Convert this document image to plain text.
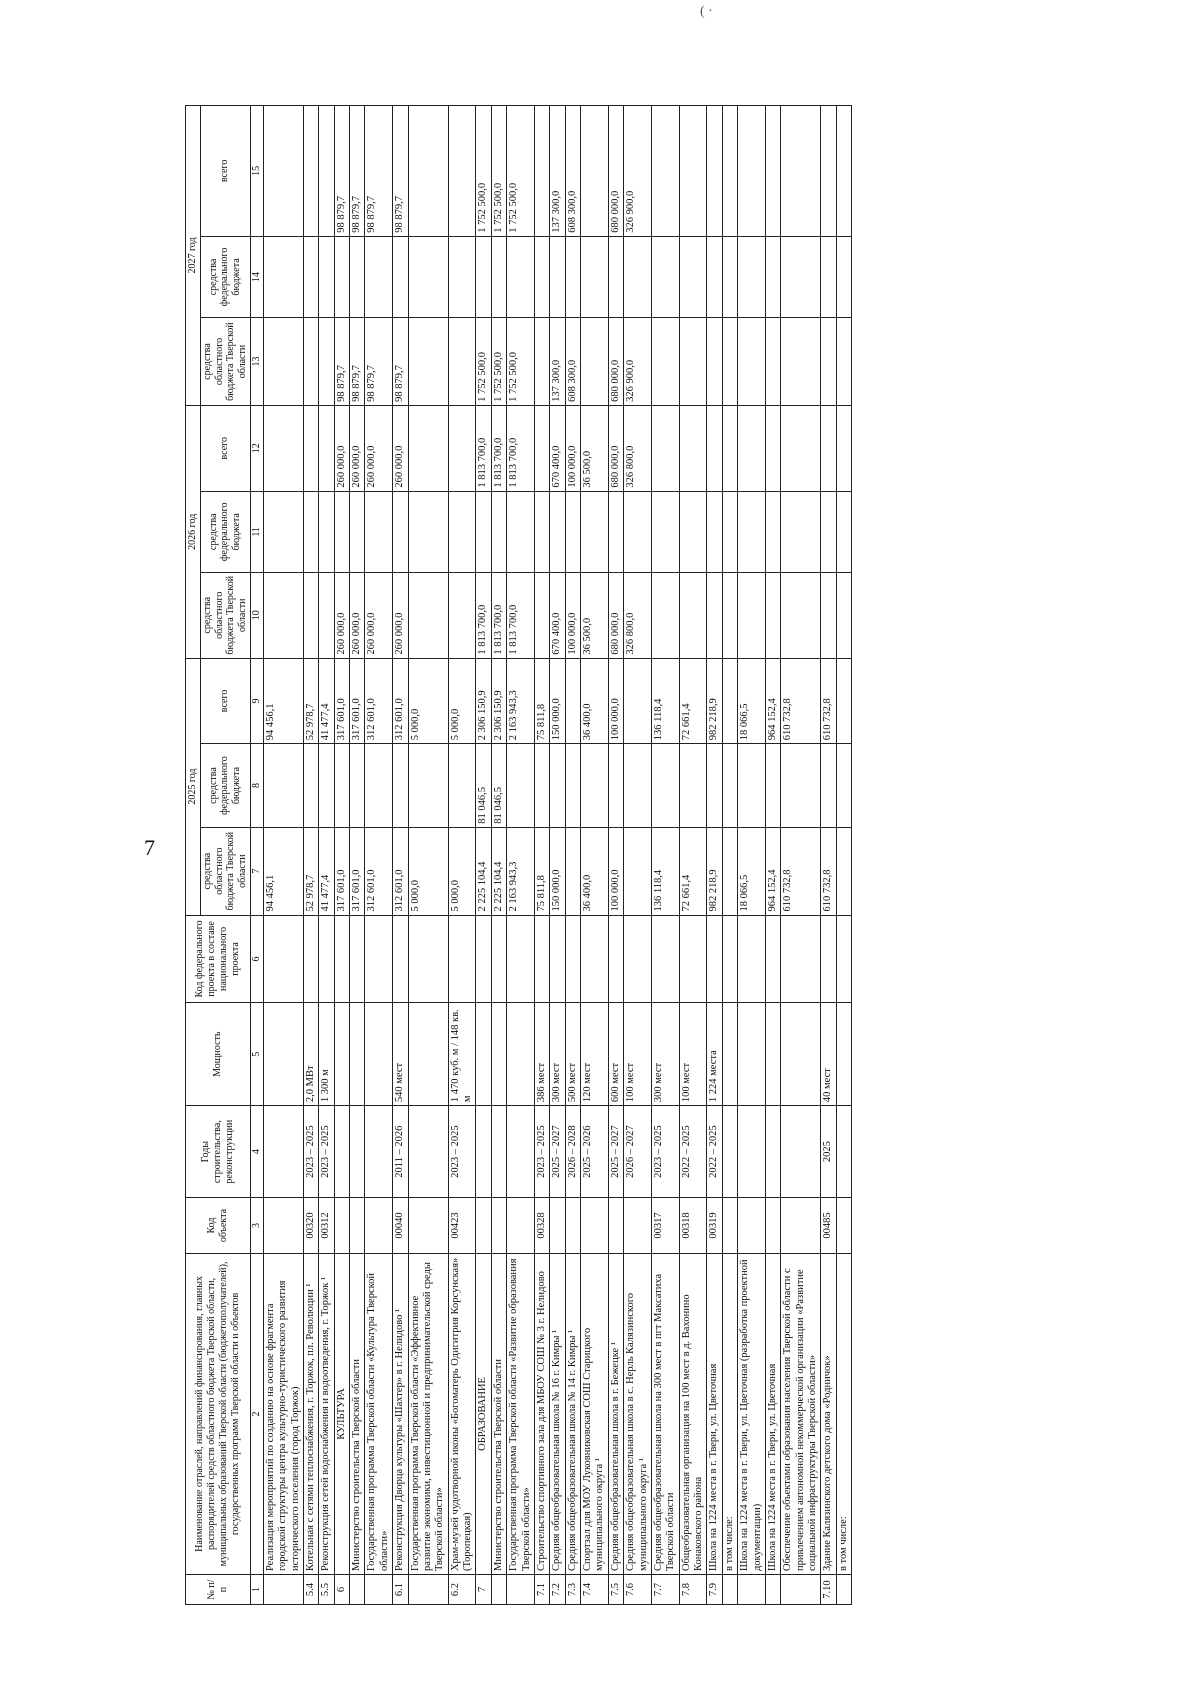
7
( ·
№ п/п	Наименование отраслей, направлений финансирования, главных распорядителей средств областного бюджета Тверской области, муниципальных образований Тверской области (бюджетополучателей), государственных программ Тверской области и объектов	Код объекта	Годы строительства, реконструкции	Мощность	Код федерального проекта в составе национального проекта	2025 год			2026 год			2027 год		
						средства областного бюджета Тверской области	средства федерального бюджета	всего	средства областного бюджета Тверской области	средства федерального бюджета	всего	средства областного бюджета Тверской области	средства федерального бюджета	всего
1	2	3	4	5	6	7	8	9	10	11	12	13	14	15
	Реализация мероприятий по созданию на основе фрагмента городской структуры центра культурно-туристического развития исторического поселения (город Торжок)					94 456,1		94 456,1						
5.4	Котельная с сетями теплоснабжения, г. Торжок, пл. Революции ¹	00320	2023 – 2025	2,0 МВт		52 978,7		52 978,7						
5.5	Реконструкция сетей водоснабжения и водоотведения, г. Торжок ¹	00312	2023 – 2025	1 300 м		41 477,4		41 477,4						
6	КУЛЬТУРА					317 601,0		317 601,0	260 000,0		260 000,0	98 879,7		98 879,7
	Министерство строительства Тверской области					317 601,0		317 601,0	260 000,0		260 000,0	98 879,7		98 879,7
	Государственная программа Тверской области «Культура Тверской области»					312 601,0		312 601,0	260 000,0		260 000,0	98 879,7		98 879,7
6.1	Реконструкция Дворца культуры «Шахтер» в г. Нелидово ¹	00040	2011 – 2026	540 мест		312 601,0		312 601,0	260 000,0		260 000,0	98 879,7		98 879,7
	Государственная программа Тверской области «Эффективное развитие экономики, инвестиционной и предпринимательской среды Тверской области»					5 000,0		5 000,0						
6.2	Храм-музей чудотворной иконы «Богоматерь Одигитрия Корсунская» (Торопецкая)	00423	2023 – 2025	1 470 куб. м / 148 кв. м		5 000,0		5 000,0						
7	ОБРАЗОВАНИЕ					2 225 104,4	81 046,5	2 306 150,9	1 813 700,0		1 813 700,0	1 752 500,0		1 752 500,0
	Министерство строительства Тверской области					2 225 104,4	81 046,5	2 306 150,9	1 813 700,0		1 813 700,0	1 752 500,0		1 752 500,0
	Государственная программа Тверской области «Развитие образования Тверской области»					2 163 943,3		2 163 943,3	1 813 700,0		1 813 700,0	1 752 500,0		1 752 500,0
7.1	Строительство спортивного зала для МБОУ СОШ № 3 г. Нелидово	00328	2023 – 2025	386 мест		75 811,8		75 811,8						
7.2	Средняя общеобразовательная школа № 16 г. Кимры ¹		2025 – 2027	300 мест		150 000,0		150 000,0	670 400,0		670 400,0	137 300,0		137 300,0
7.3	Средняя общеобразовательная школа № 14 г. Кимры ¹		2026 – 2028	500 мест					100 000,0		100 000,0	608 300,0		608 300,0
7.4	Спортзал для МОУ Луковниковская СОШ Старицкого муниципального округа ¹		2025 – 2026	120 мест		36 400,0		36 400,0	36 500,0		36 500,0			
7.5	Средняя общеобразовательная школа в г. Бежецке ¹		2025 – 2027	600 мест		100 000,0		100 000,0	680 000,0		680 000,0	680 000,0		680 000,0
7.6	Средняя общеобразовательная школа в с. Нерль Калязинского муниципального округа ¹		2026 – 2027	100 мест					326 800,0		326 800,0	326 900,0		326 900,0
7.7	Средняя общеобразовательная школа на 300 мест в пгт Максатиха Тверской области	00317	2023 – 2025	300 мест		136 118,4		136 118,4						
7.8	Общеобразовательная организация на 100 мест в д. Вахонино Конаковского района	00318	2022 – 2025	100 мест		72 661,4		72 661,4						
7.9	Школа на 1224 места в г. Твери, ул. Цветочная	00319	2022 – 2025	1 224 места		982 218,9		982 218,9						
	в том числе:													
	Школа на 1224 места в г. Твери, ул. Цветочная (разработка проектной документации)					18 066,5		18 066,5						
	Школа на 1224 места в г. Твери, ул. Цветочная					964 152,4		964 152,4						
	Обеспечение объектами образования населения Тверской области с привлечением автономной некоммерческой организации «Развитие социальной инфраструктуры Тверской области»					610 732,8		610 732,8						
7.10	Здание Калязинского детского дома «Родничок»	00485	2025	40 мест		610 732,8		610 732,8						
	в том числе:													
